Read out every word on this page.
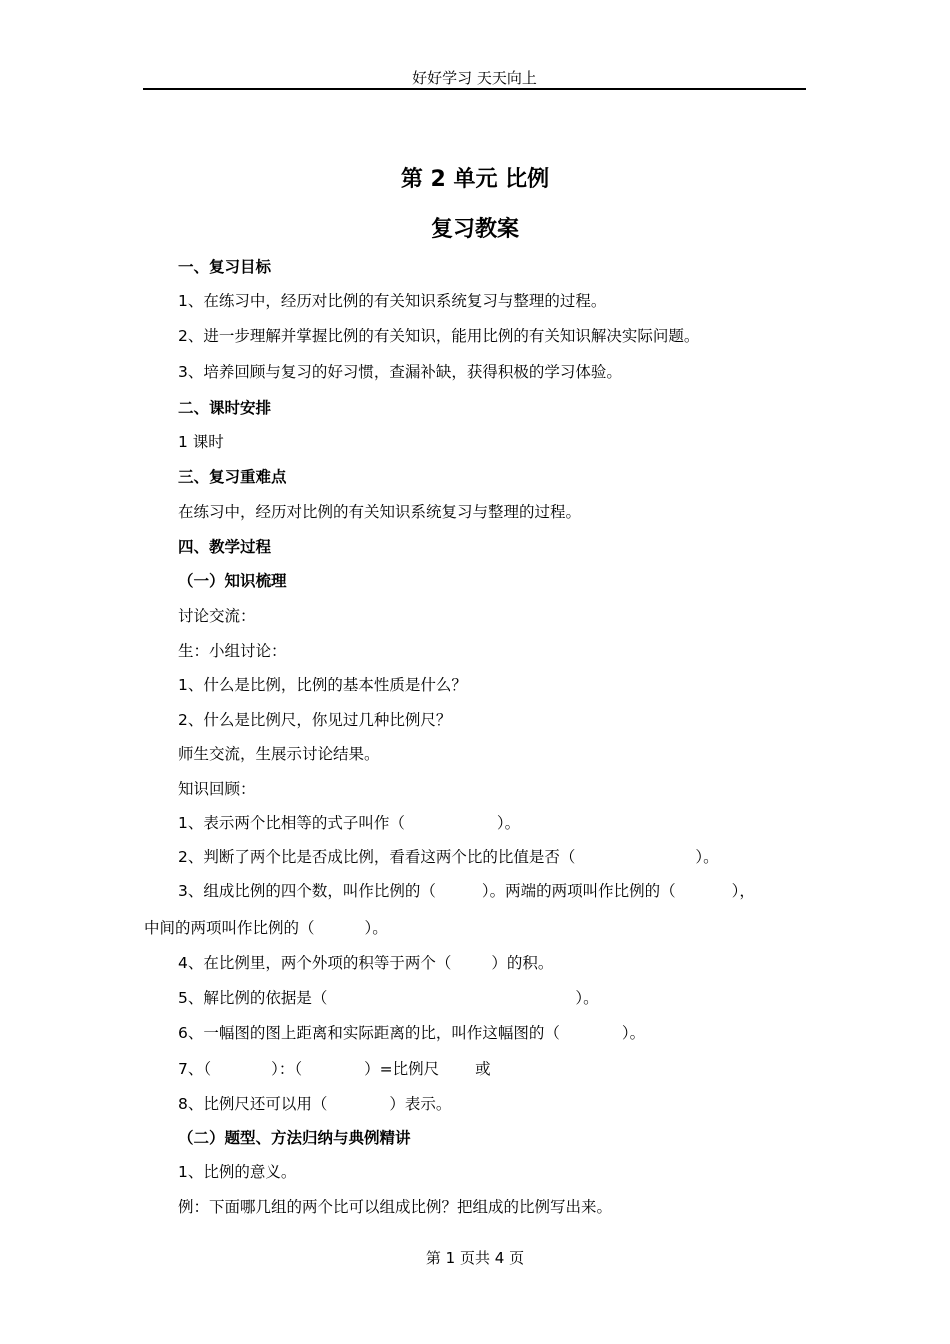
好好学习 天天向上
第 2 单元 比例
复习教案
一、复习目标
1、在练习中，经历对比例的有关知识系统复习与整理的过程。
2、进一步理解并掌握比例的有关知识，能用比例的有关知识解决实际问题。
3、培养回顾与复习的好习惯，查漏补缺，获得积极的学习体验。
二、课时安排
1 课时
三、复习重难点
在练习中，经历对比例的有关知识系统复习与整理的过程。
四、教学过程
（一）知识梳理
讨论交流：
生：小组讨论：
1、什么是比例，比例的基本性质是什么？
2、什么是比例尺，你见过几种比例尺？
师生交流，生展示讨论结果。
知识回顾：
1、表示两个比相等的式子叫作（	）。
2、判断了两个比是否成比例，看看这两个比的比值是否（	）。
3、组成比例的四个数，叫作比例的（	）。两端的两项叫作比例的（	），
中间的两项叫作比例的（	）。
4、在比例里，两个外项的积等于两个（	）的积。
5、解比例的依据是（	）。
6、一幅图的图上距离和实际距离的比，叫作这幅图的（	）。
7、（	）：（	）=比例尺 或
8、比例尺还可以用（	）表示。
（二）题型、方法归纳与典例精讲
1、比例的意义。
例：下面哪几组的两个比可以组成比例？把组成的比例写出来。
第 1 页共 4 页
